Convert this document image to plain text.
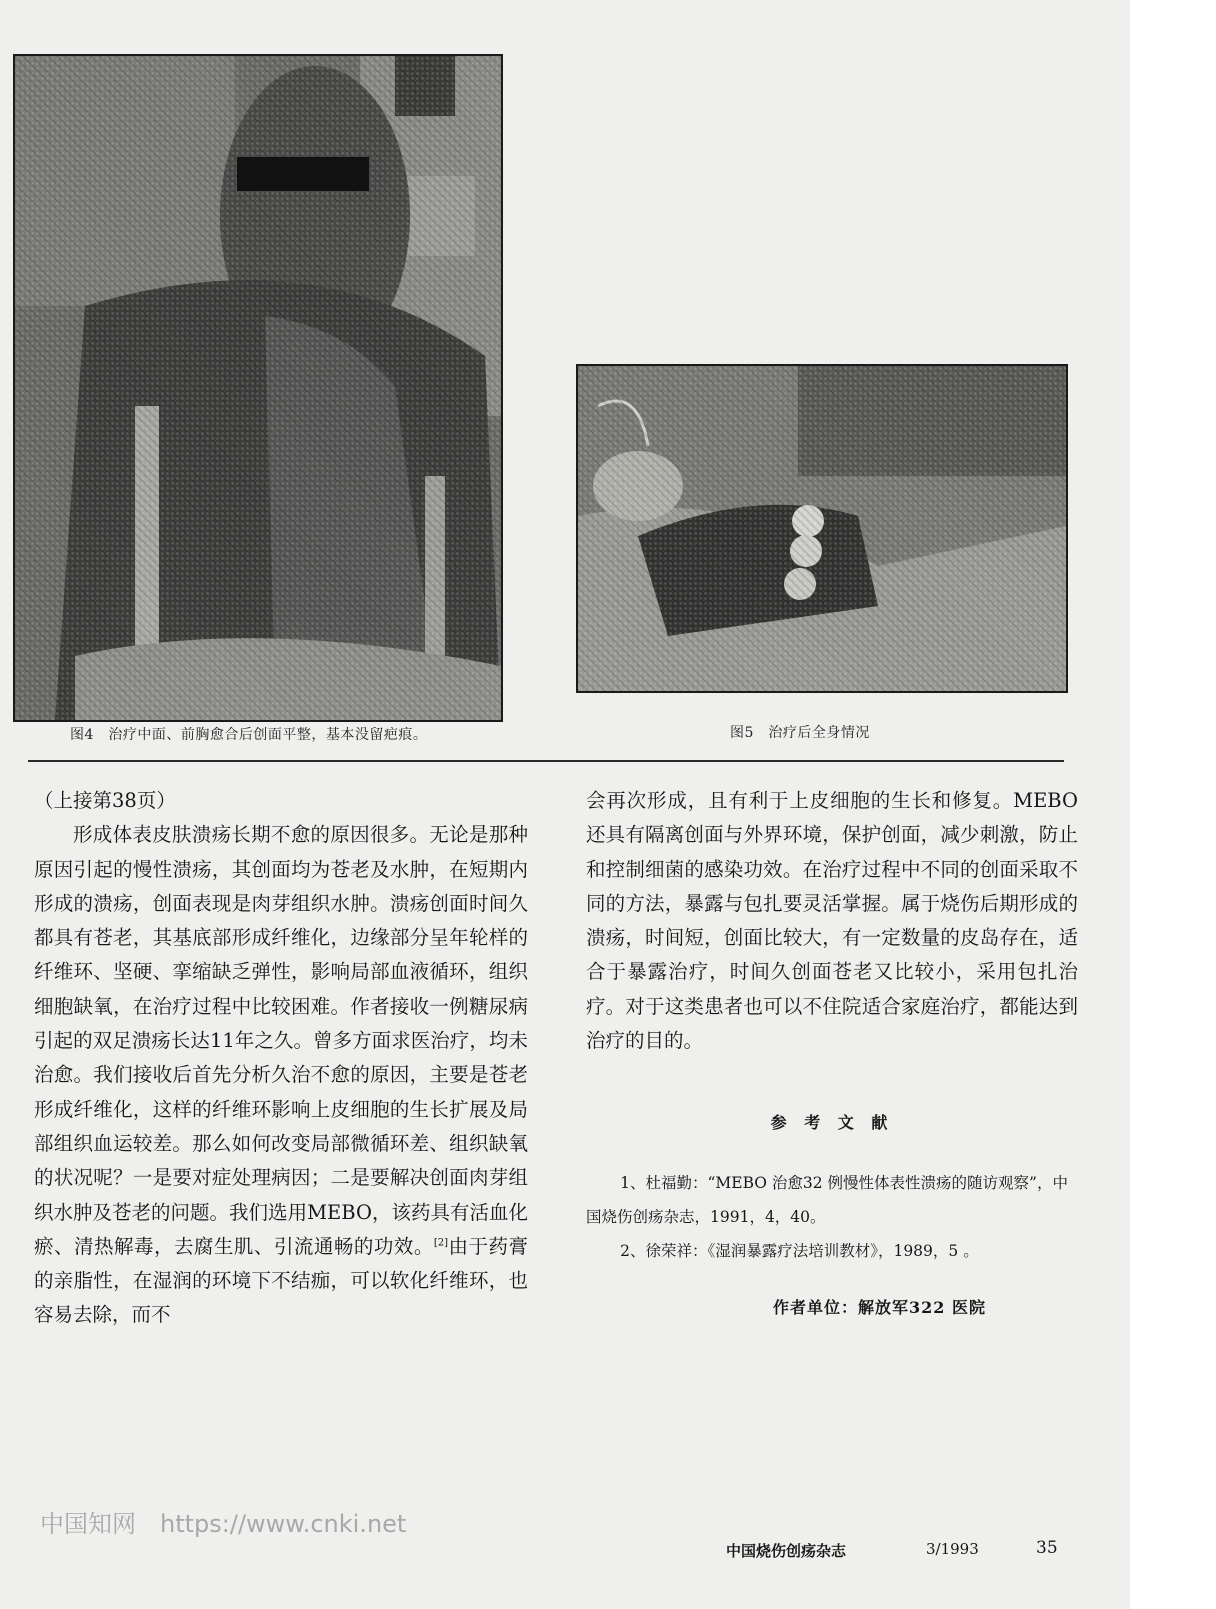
图4　治疗中面、前胸愈合后创面平整，基本没留疤痕。	图5　治疗后全身情况

（上接第38页）

形成体表皮肤溃疡长期不愈的原因很多。无论是那种原因引起的慢性溃疡，其创面均为苍老及水肿，在短期内形成的溃疡，创面表现是肉芽组织水肿。溃疡创面时间久都具有苍老，其基底部形成纤维化，边缘部分呈年轮样的纤维环、坚硬、挛缩缺乏弹性，影响局部血液循环，组织细胞缺氧，在治疗过程中比较困难。作者接收一例糖尿病引起的双足溃疡长达11年之久。曾多方面求医治疗，均未治愈。我们接收后首先分析久治不愈的原因，主要是苍老形成纤维化，这样的纤维环影响上皮细胞的生长扩展及局部组织血运较差。那么如何改变局部微循环差、组织缺氧的状况呢？一是要对症处理病因；二是要解决创面肉芽组织水肿及苍老的问题。我们选用MEBO，该药具有活血化瘀、清热解毒，去腐生肌、引流通畅的功效。[2]由于药膏的亲脂性，在湿润的环境下不结痂，可以软化纤维环，也容易去除，而不

会再次形成，且有利于上皮细胞的生长和修复。MEBO还具有隔离创面与外界环境，保护创面，减少刺激，防止和控制细菌的感染功效。在治疗过程中不同的创面采取不同的方法，暴露与包扎要灵活掌握。属于烧伤后期形成的溃疡，时间短，创面比较大，有一定数量的皮岛存在，适合于暴露治疗，时间久创面苍老又比较小，采用包扎治疗。对于这类患者也可以不住院适合家庭治疗，都能达到治疗的目的。

参 考 文 献

1、杜福勤：“MEBO 治愈32 例慢性体表性溃疡的随访观察”，中国烧伤创疡杂志，1991，4，40。

2、徐荣祥：《湿润暴露疗法培训教材》，1989，5 。

作者单位：解放军322 医院
中国知网　https://www.cnki.net
中国烧伤创疡杂志	3/1993	35
